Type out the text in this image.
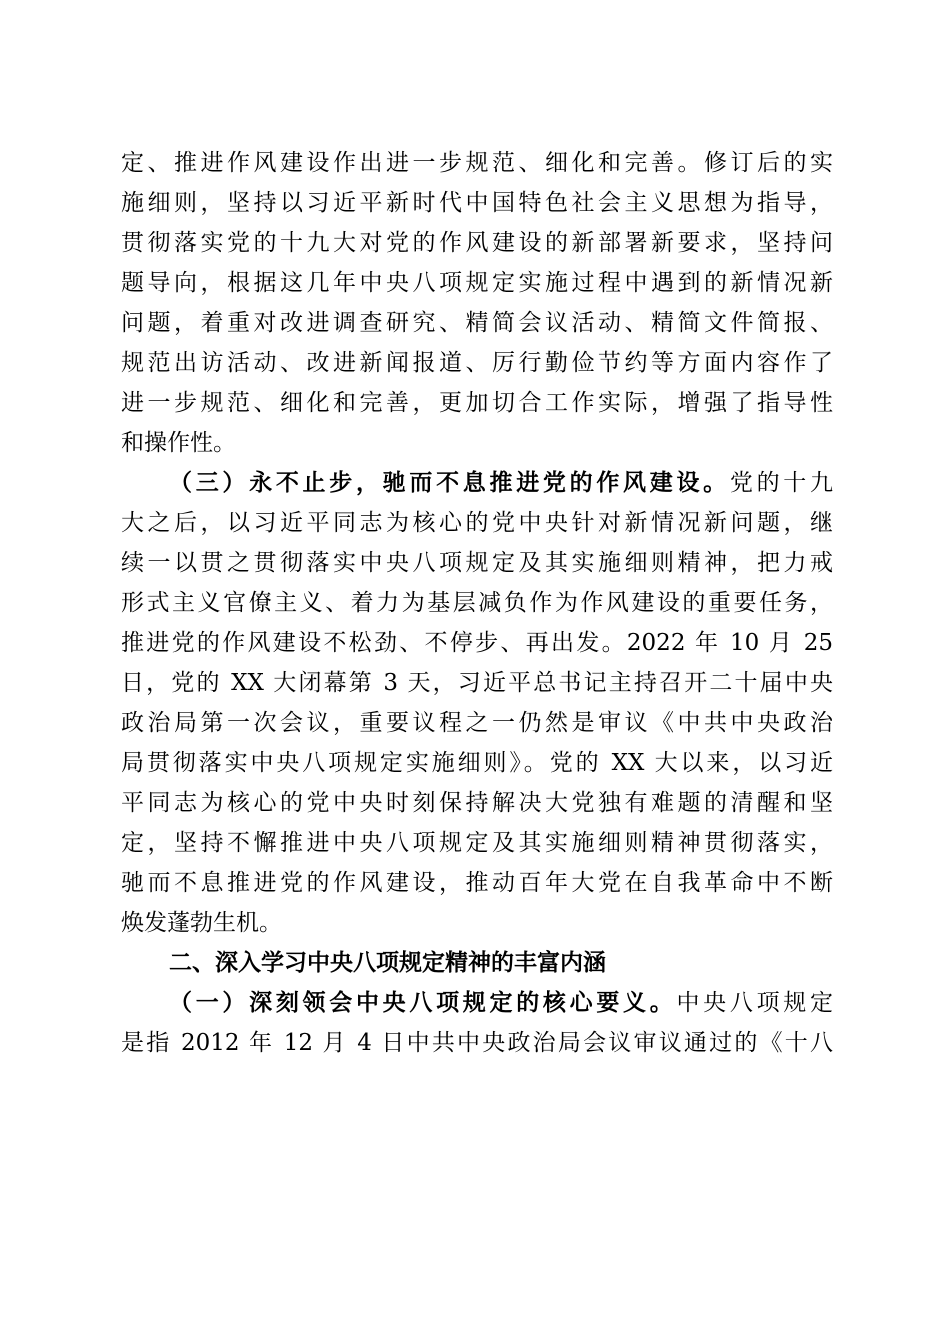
定、推进作风建设作出进一步规范、细化和完善。修订后的实
施细则，坚持以习近平新时代中国特色社会主义思想为指导，
贯彻落实党的十九大对党的作风建设的新部署新要求，坚持问
题导向，根据这几年中央八项规定实施过程中遇到的新情况新
问题，着重对改进调查研究、精简会议活动、精简文件简报、
规范出访活动、改进新闻报道、厉行勤俭节约等方面内容作了
进一步规范、细化和完善，更加切合工作实际，增强了指导性
和操作性。
（三）永不止步，驰而不息推进党的作风建设。党的十九
大之后，以习近平同志为核心的党中央针对新情况新问题，继
续一以贯之贯彻落实中央八项规定及其实施细则精神，把力戒
形式主义官僚主义、着力为基层减负作为作风建设的重要任务，
推进党的作风建设不松劲、不停步、再出发。2022 年 10 月 25
日，党的 XX 大闭幕第 3 天，习近平总书记主持召开二十届中央
政治局第一次会议，重要议程之一仍然是审议《中共中央政治
局贯彻落实中央八项规定实施细则》。党的 XX 大以来，以习近
平同志为核心的党中央时刻保持解决大党独有难题的清醒和坚
定，坚持不懈推进中央八项规定及其实施细则精神贯彻落实，
驰而不息推进党的作风建设，推动百年大党在自我革命中不断
焕发蓬勃生机。
二、深入学习中央八项规定精神的丰富内涵
（一）深刻领会中央八项规定的核心要义。中央八项规定
是指 2012 年 12 月 4 日中共中央政治局会议审议通过的《十八
